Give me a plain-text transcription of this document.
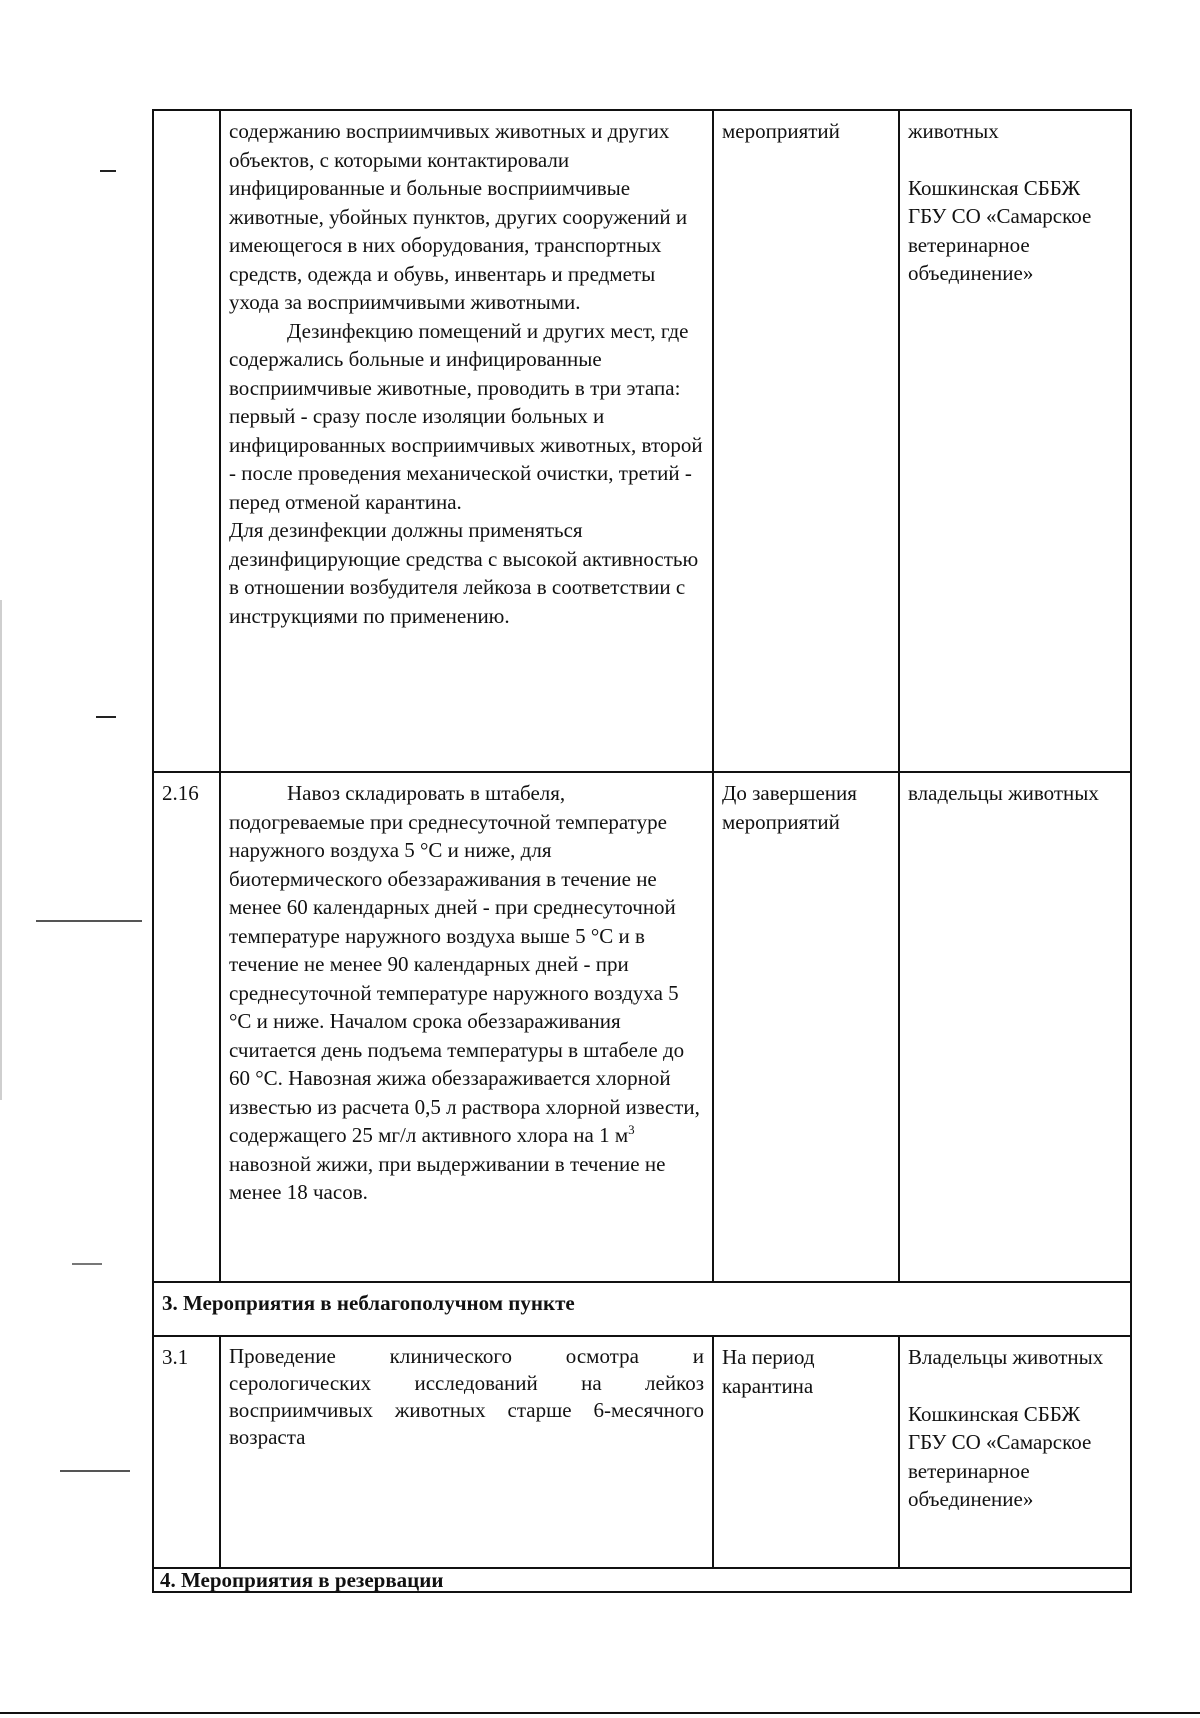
	содержанию восприимчивых животных и других объектов, с которыми контактировали инфицированные и больные восприимчивые животные, убойных пунктов, других сооружений и имеющегося в них оборудования, транспортных средств, одежда и обувь, инвентарь и предметы ухода за восприимчивыми животными.
Дезинфекцию помещений и других мест, где содержались больные и инфицированные восприимчивые животные, проводить в три этапа: первый - сразу после изоляции больных и инфицированных восприимчивых животных, второй - после проведения механической очистки, третий - перед отменой карантина.
Для дезинфекции должны применяться дезинфицирующие средства с высокой активностью в отношении возбудителя лейкоза в соответствии с инструкциями по применению.	мероприятий	животных
Кошкинская СББЖ ГБУ СО «Самарское ветеринарное объединение»

2.16	Навоз складировать в штабеля, подогреваемые при среднесуточной температуре наружного воздуха 5 °С и ниже, для биотермического обеззараживания в течение не менее 60 календарных дней - при среднесуточной температуре наружного воздуха выше 5 °С и в течение не менее 90 календарных дней - при среднесуточной температуре наружного воздуха 5 °С и ниже. Началом срока обеззараживания считается день подъема температуры в штабеле до 60 °С. Навозная жижа обеззараживается хлорной известью из расчета 0,5 л раствора хлорной извести, содержащего 25 мг/л активного хлора на 1 $м^3$ навозной жижи, при выдерживании в течение не менее 18 часов.	До завершения мероприятий	владельцы животных
3. Мероприятия в неблагополучном пункте			
3.1	Проведение клинического осмотра и серологических исследований на лейкоз восприимчивых животных старше 6-месячного возраста	На период карантина	Владельцы животных
Кошкинская СББЖ ГБУ СО «Самарское ветеринарное объединение»

4. Мероприятия в резервации			
